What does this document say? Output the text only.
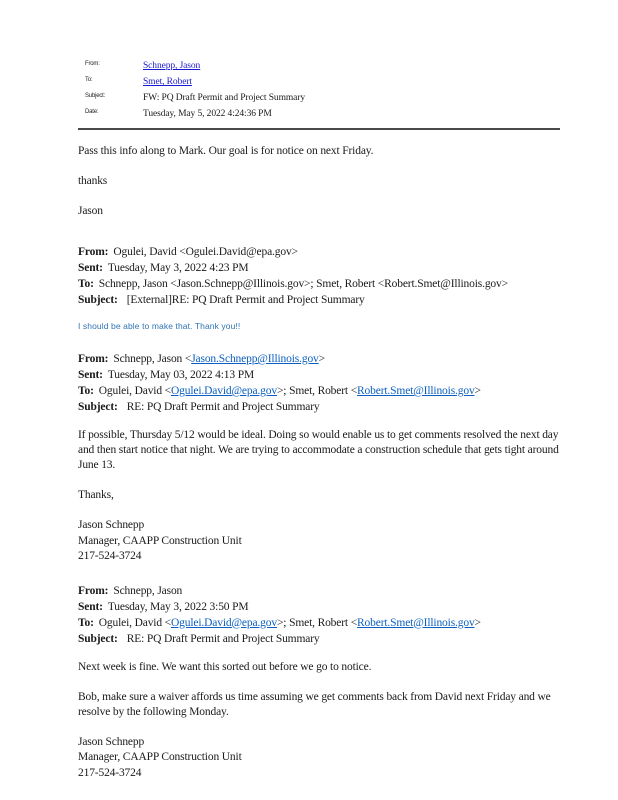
From:	Schnepp, Jason
To:	Smet, Robert
Subject:	FW: PQ Draft Permit and Project Summary
Date:	Tuesday, May 5, 2022 4:24:36 PM

Pass this info along to Mark. Our goal is for notice on next Friday.

thanks

Jason

From: Ogulei, David <Ogulei.David@epa.gov>

Sent: Tuesday, May 3, 2022 4:23 PM

To: Schnepp, Jason <Jason.Schnepp@Illinois.gov>; Smet, Robert <Robert.Smet@Illinois.gov>

Subject: [External]RE: PQ Draft Permit and Project Summary

I should be able to make that. Thank you!!

From: Schnepp, Jason <Jason.Schnepp@Illinois.gov>

Sent: Tuesday, May 03, 2022 4:13 PM

To: Ogulei, David <Ogulei.David@epa.gov>; Smet, Robert <Robert.Smet@Illinois.gov>

Subject: RE: PQ Draft Permit and Project Summary

If possible, Thursday 5/12 would be ideal. Doing so would enable us to get comments resolved the next day and then start notice that night. We are trying to accommodate a construction schedule that gets tight around June 13.

Thanks,

Jason Schnepp
Manager, CAAPP Construction Unit
217-524-3724

From: Schnepp, Jason

Sent: Tuesday, May 3, 2022 3:50 PM

To: Ogulei, David <Ogulei.David@epa.gov>; Smet, Robert <Robert.Smet@Illinois.gov>

Subject: RE: PQ Draft Permit and Project Summary

Next week is fine. We want this sorted out before we go to notice.

Bob, make sure a waiver affords us time assuming we get comments back from David next Friday and we resolve by the following Monday.

Jason Schnepp
Manager, CAAPP Construction Unit
217-524-3724
